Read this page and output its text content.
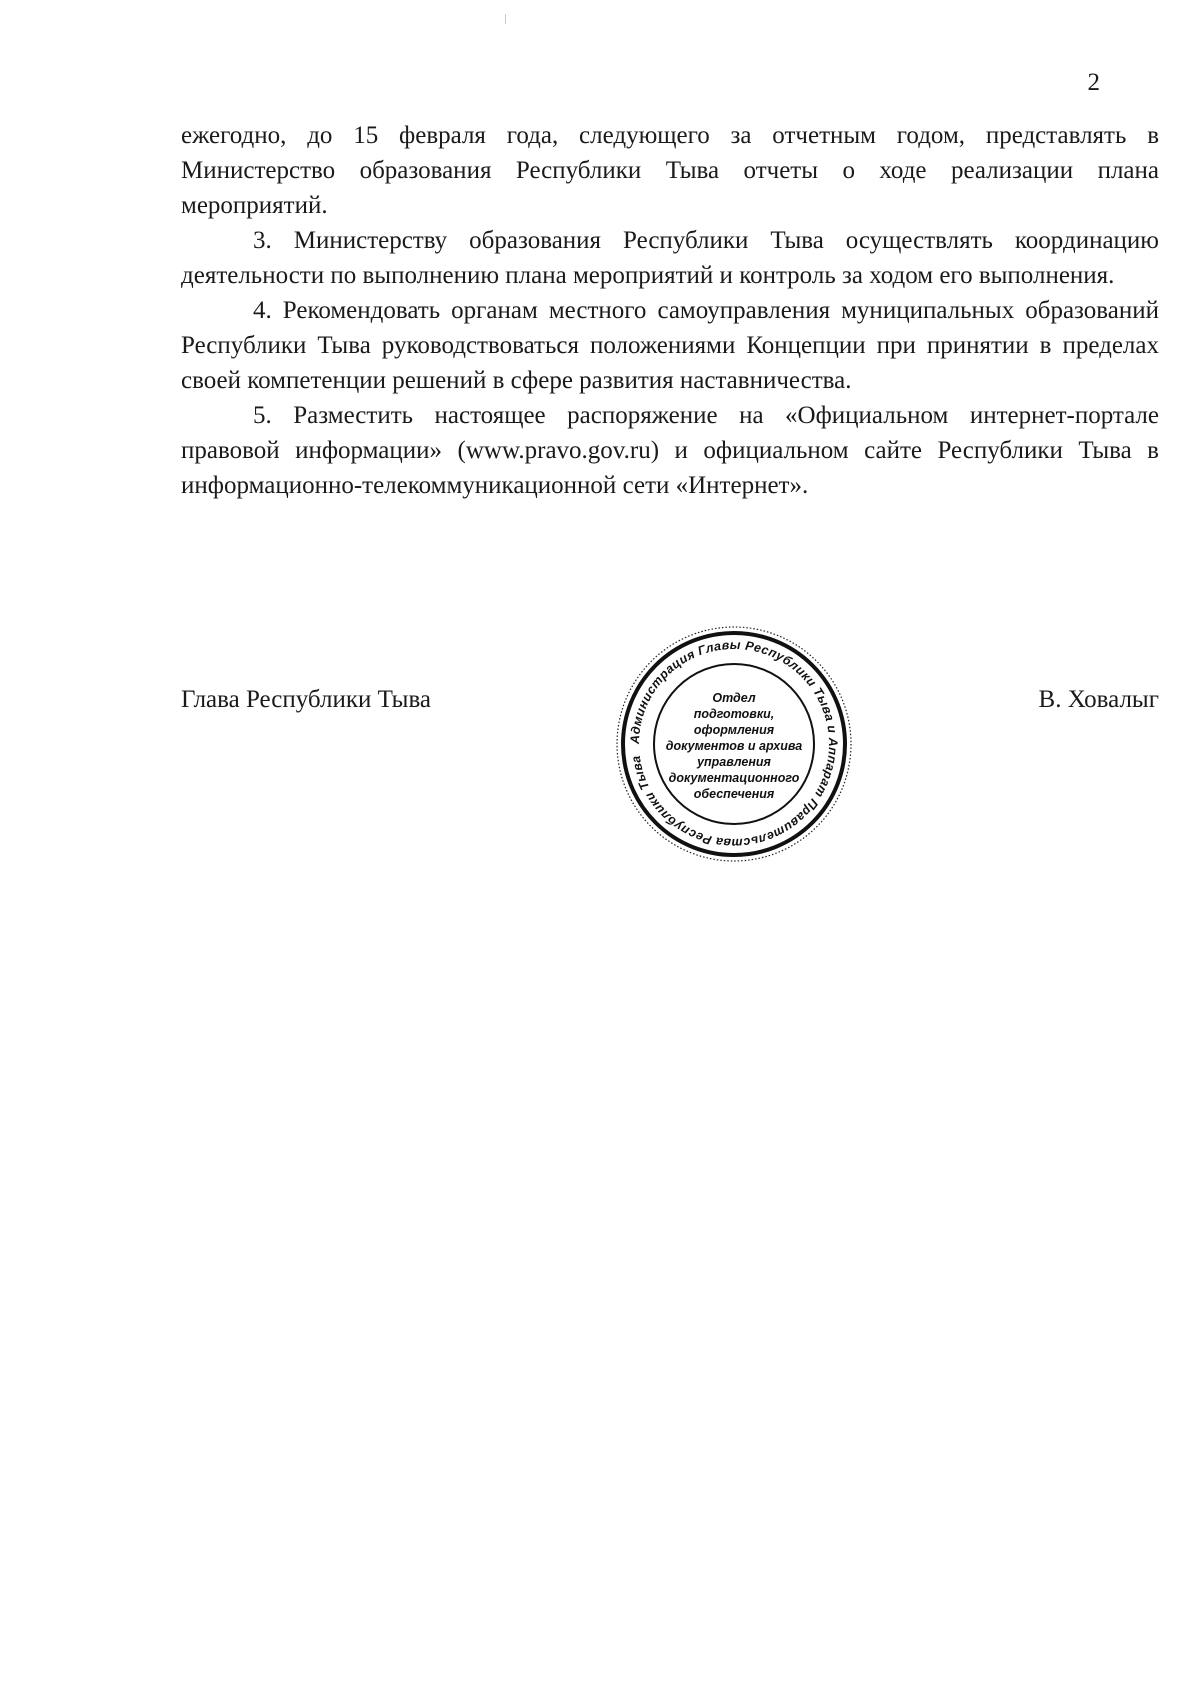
2

ежегодно, до 15 февраля года, следующего за отчетным годом, представлять в Министерство образования Республики Тыва отчеты о ходе реализации плана мероприятий.

3. Министерству образования Республики Тыва осуществлять координацию деятельности по выполнению плана мероприятий и контроль за ходом его выполнения.

4. Рекомендовать органам местного самоуправления муниципальных образований Республики Тыва руководствоваться положениями Концепции при принятии в пределах своей компетенции решений в сфере развития наставничества.

5. Разместить настоящее распоряжение на «Официальном интернет-портале правовой информации» (www.pravo.gov.ru) и официальном сайте Республики Тыва в информационно-телекоммуникационной сети «Интернет».

Глава Республики Тыва	В. Ховалыг
Администрация Главы Республики Тыва и Аппарат Правительства Республики Тыва
Отдел
подготовки,
оформления
документов и архива
управления
документационного
обеспечения
